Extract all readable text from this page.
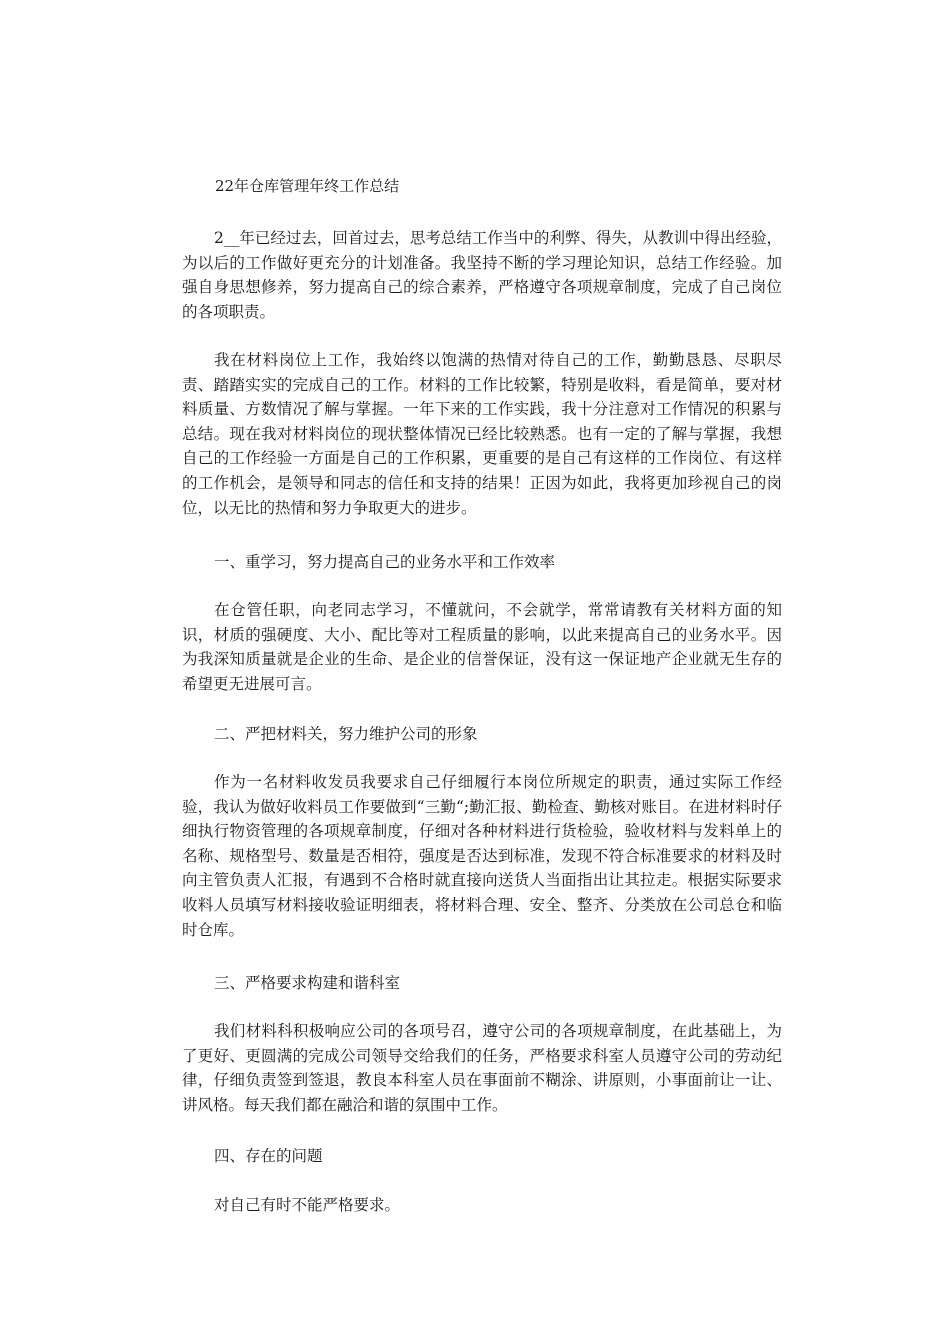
22年仓库管理年终工作总结

2__年已经过去，回首过去，思考总结工作当中的利弊、得失，从教训中得出经验，为以后的工作做好更充分的计划准备。我坚持不断的学习理论知识，总结工作经验。加强自身思想修养，努力提高自己的综合素养，严格遵守各项规章制度，完成了自己岗位的各项职责。

我在材料岗位上工作，我始终以饱满的热情对待自己的工作，勤勤恳恳、尽职尽责、踏踏实实的完成自己的工作。材料的工作比较繁，特别是收料，看是简单，要对材料质量、方数情况了解与掌握。一年下来的工作实践，我十分注意对工作情况的积累与总结。现在我对材料岗位的现状整体情况已经比较熟悉。也有一定的了解与掌握，我想自己的工作经验一方面是自己的工作积累，更重要的是自己有这样的工作岗位、有这样的工作机会，是领导和同志的信任和支持的结果！正因为如此，我将更加珍视自己的岗位，以无比的热情和努力争取更大的进步。

一、重学习，努力提高自己的业务水平和工作效率

在仓管任职，向老同志学习，不懂就问，不会就学，常常请教有关材料方面的知识，材质的强硬度、大小、配比等对工程质量的影响，以此来提高自己的业务水平。因为我深知质量就是企业的生命、是企业的信誉保证，没有这一保证地产企业就无生存的希望更无进展可言。

二、严把材料关，努力维护公司的形象

作为一名材料收发员我要求自己仔细履行本岗位所规定的职责，通过实际工作经验，我认为做好收料员工作要做到“三勤“;勤汇报、勤检查、勤核对账目。在进材料时仔细执行物资管理的各项规章制度，仔细对各种材料进行货检验，验收材料与发料单上的名称、规格型号、数量是否相符，强度是否达到标准，发现不符合标准要求的材料及时向主管负责人汇报，有遇到不合格时就直接向送货人当面指出让其拉走。根据实际要求收料人员填写材料接收验证明细表，将材料合理、安全、整齐、分类放在公司总仓和临时仓库。

三、严格要求构建和谐科室

我们材料科积极响应公司的各项号召，遵守公司的各项规章制度，在此基础上，为了更好、更圆满的完成公司领导交给我们的任务，严格要求科室人员遵守公司的劳动纪律，仔细负责签到签退，教良本科室人员在事面前不糊涂、讲原则，小事面前让一让、讲风格。每天我们都在融洽和谐的氛围中工作。

四、存在的问题

对自己有时不能严格要求。
